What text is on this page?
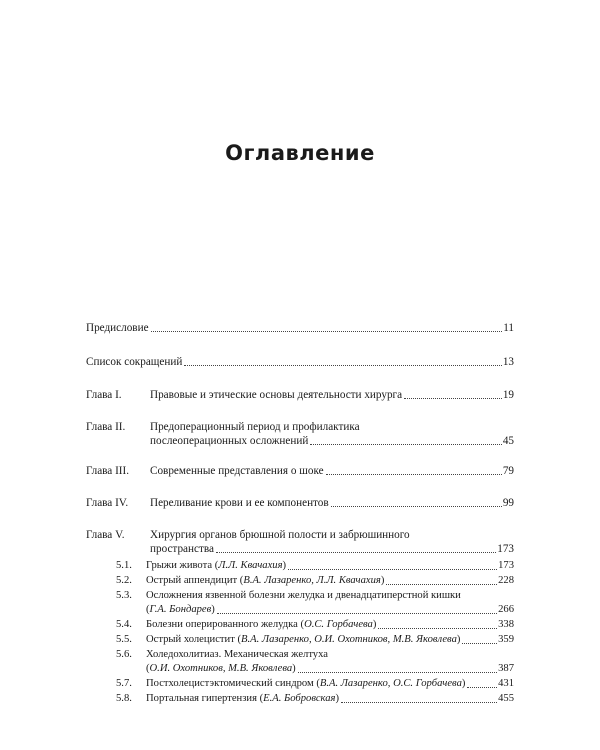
Оглавление
Предисловие	11
Список сокращений	13
Глава I.	Правовые и этические основы деятельности хирурга	19
Глава II. Предоперационный период и профилактика
послеоперационных осложнений	45
Глава III. Современные представления о шоке	79
Глава IV. Переливание крови и ее компонентов	99
Глава V. Хирургия органов брюшной полости и забрюшинного
пространства	173
5.1. Грыжи живота (Л.Л. Квачахия)	173
5.2. Острый аппендицит (В.А. Лазаренко, Л.Л. Квачахия)	228
5.3. Осложнения язвенной болезни желудка и двенадцатиперстной кишки
(Г.А. Бондарев)	266
5.4. Болезни оперированного желудка (О.С. Горбачева)	338
5.5. Острый холецистит (В.А. Лазаренко, О.И. Охотников, М.В. Яковлева)	359
5.6. Холедохолитиаз. Механическая желтуха
(О.И. Охотников, М.В. Яковлева)	387
5.7. Постхолецистэктомический синдром (В.А. Лазаренко, О.С. Горбачева)	431
5.8. Портальная гипертензия (Е.А. Бобровская)	455
